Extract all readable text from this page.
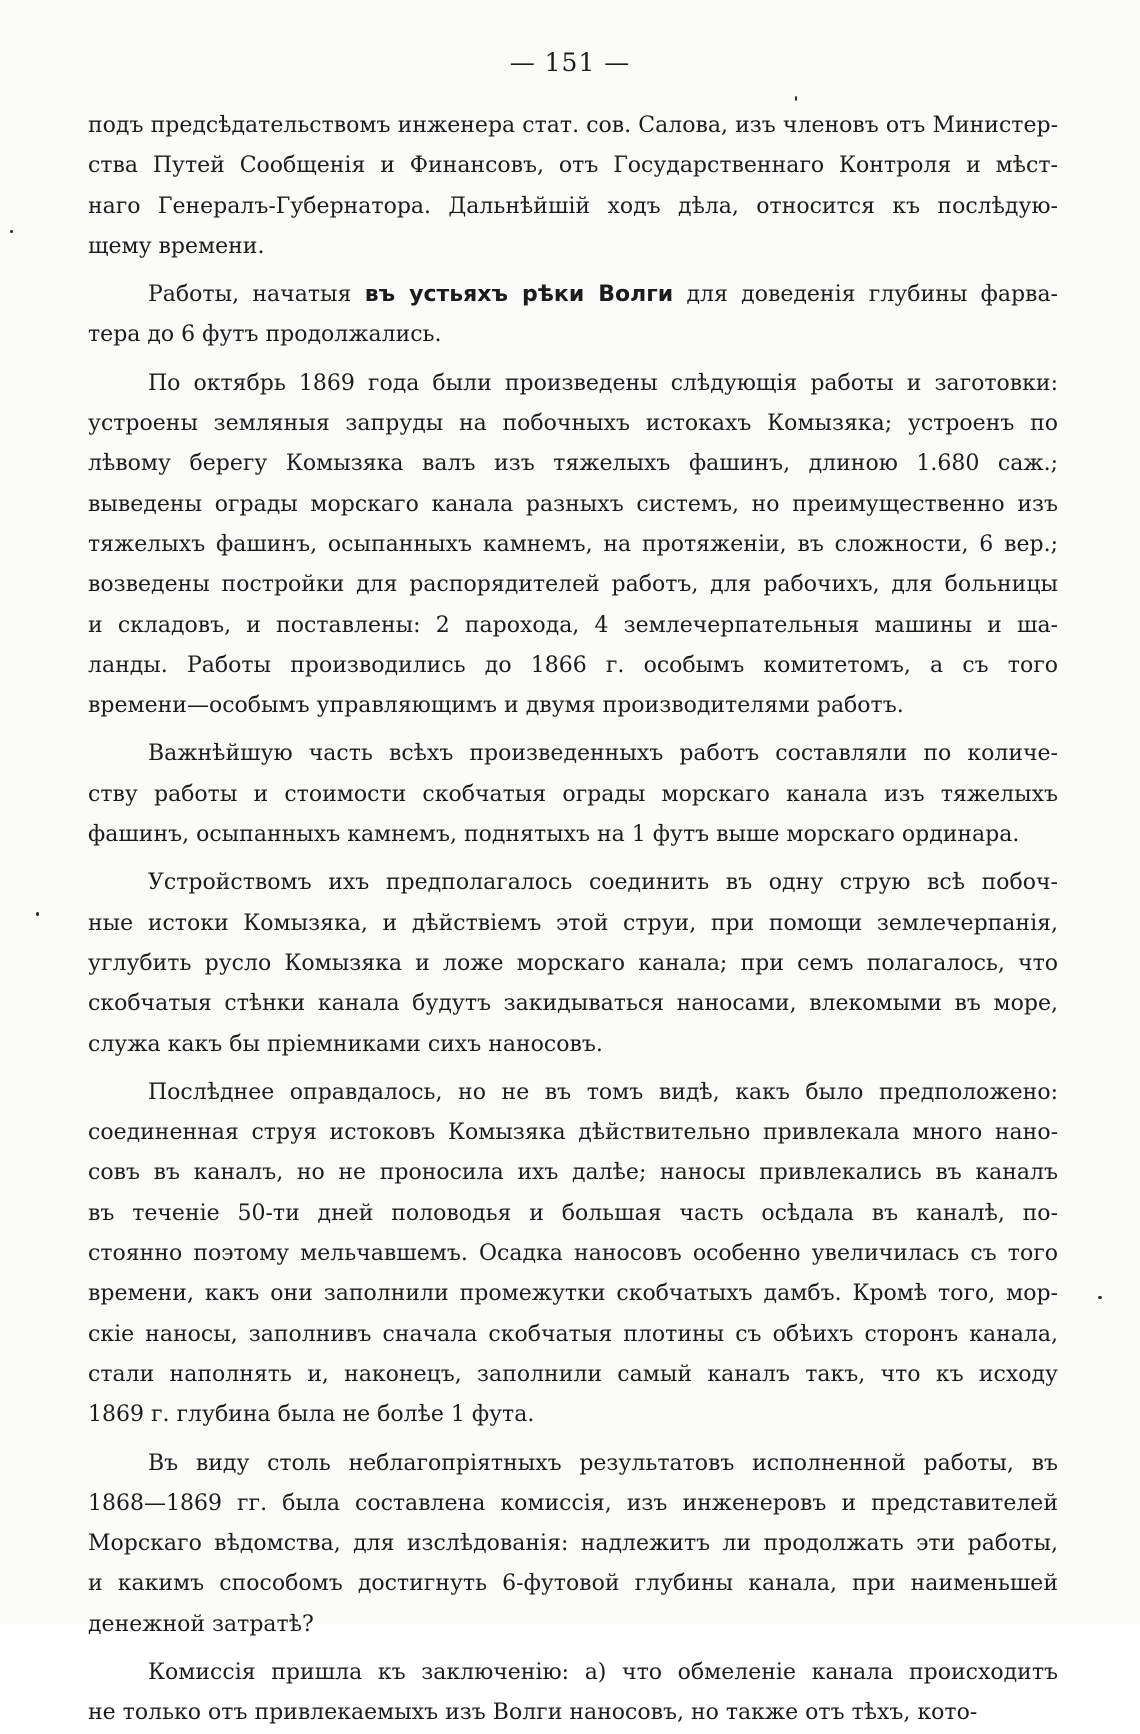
— 151 —
подъ предсѣдательствомъ инженера стат. сов. Салова, изъ членовъ отъ Министер-
ства Путей Сообщенія и Финансовъ, отъ Государственнаго Контроля и мѣст-
наго Генералъ-Губернатора. Дальнѣйшій ходъ дѣла, относится къ послѣдую-
щему времени.
Работы, начатыя въ устьяхъ рѣки Волги для доведенія глубины фарва-
тера до 6 футъ продолжались.
По октябрь 1869 года были произведены слѣдующія работы и заготовки:
устроены земляныя запруды на побочныхъ истокахъ Комызяка; устроенъ по
лѣвому берегу Комызяка валъ изъ тяжелыхъ фашинъ, длиною 1.680 саж.;
выведены ограды морскаго канала разныхъ системъ, но преимущественно изъ
тяжелыхъ фашинъ, осыпанныхъ камнемъ, на протяженіи, въ сложности, 6 вер.;
возведены постройки для распорядителей работъ, для рабочихъ, для больницы
и складовъ, и поставлены: 2 парохода, 4 землечерпательныя машины и ша-
ланды. Работы производились до 1866 г. особымъ комитетомъ, а съ того
времени—особымъ управляющимъ и двумя производителями работъ.
Важнѣйшую часть всѣхъ произведенныхъ работъ составляли по количе-
ству работы и стоимости скобчатыя ограды морскаго канала изъ тяжелыхъ
фашинъ, осыпанныхъ камнемъ, поднятыхъ на 1 футъ выше морскаго ординара.
Устройствомъ ихъ предполагалось соединить въ одну струю всѣ побоч-
ные истоки Комызяка, и дѣйствіемъ этой струи, при помощи землечерпанія,
углубить русло Комызяка и ложе морскаго канала; при семъ полагалось, что
скобчатыя стѣнки канала будутъ закидываться наносами, влекомыми въ море,
служа какъ бы пріемниками сихъ наносовъ.
Послѣднее оправдалось, но не въ томъ видѣ, какъ было предположено:
соединенная струя истоковъ Комызяка дѣйствительно привлекала много нано-
совъ въ каналъ, но не проносила ихъ далѣе; наносы привлекались въ каналъ
въ теченіе 50-ти дней половодья и большая часть осѣдала въ каналѣ, по-
стоянно поэтому мельчавшемъ. Осадка наносовъ особенно увеличилась съ того
времени, какъ они заполнили промежутки скобчатыхъ дамбъ. Кромѣ того, мор-
скіе наносы, заполнивъ сначала скобчатыя плотины съ обѣихъ сторонъ канала,
стали наполнять и, наконецъ, заполнили самый каналъ такъ, что къ исходу
1869 г. глубина была не болѣе 1 фута.
Въ виду столь неблагопріятныхъ результатовъ исполненной работы, въ
1868—1869 гг. была составлена комиссія, изъ инженеровъ и представителей
Морскаго вѣдомства, для изслѣдованія: надлежитъ ли продолжать эти работы,
и какимъ способомъ достигнуть 6-футовой глубины канала, при наименьшей
денежной затратѣ?
Комиссія пришла къ заключенію: а) что обмеленіе канала происходитъ
не только отъ привлекаемыхъ изъ Волги наносовъ, но также отъ тѣхъ, кото-
